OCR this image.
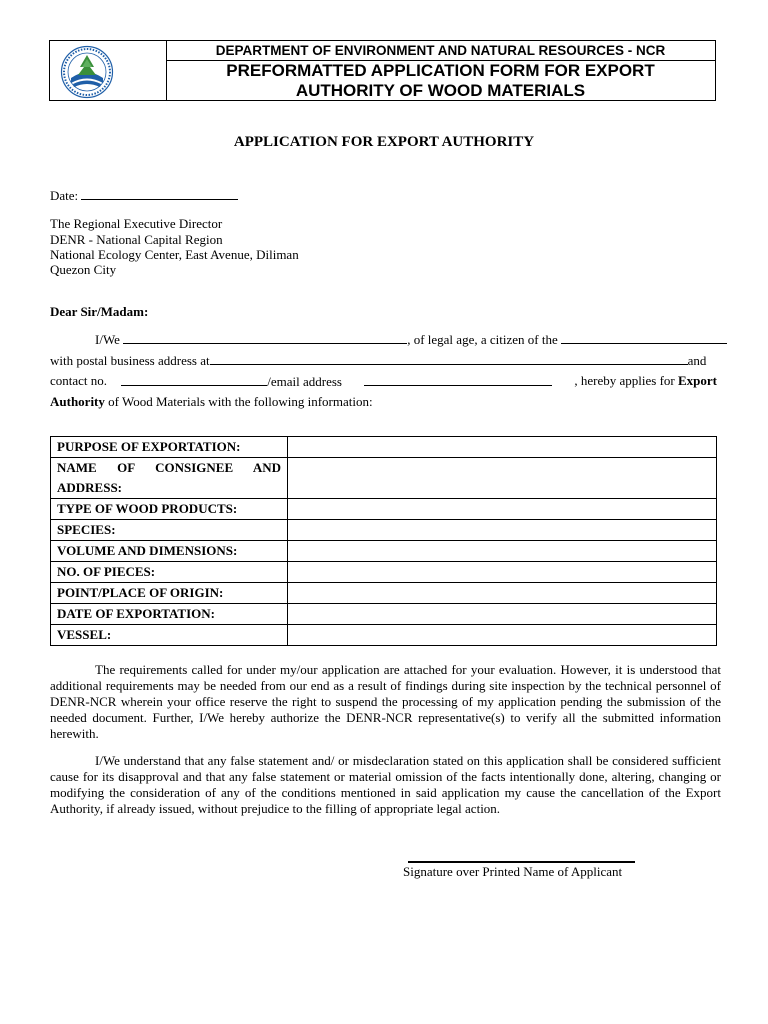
DEPARTMENT OF ENVIRONMENT AND NATURAL RESOURCES - NCR
PREFORMATTED APPLICATION FORM FOR EXPORT
AUTHORITY OF WOOD MATERIALS
APPLICATION FOR EXPORT AUTHORITY
Date:
The Regional Executive Director
DENR - National Capital Region
National Ecology Center, East Avenue, Diliman
Quezon City
Dear Sir/Madam:
I/We	, of legal age, a citizen of the
with postal business address at	and
contact no.	/email address	, hereby applies for Export
Authority of Wood Materials with the following information:
PURPOSE OF EXPORTATION:	

NAME OF CONSIGNEE AND
ADDRESS:	

TYPE OF WOOD PRODUCTS:	
SPECIES:	
VOLUME AND DIMENSIONS:	
NO. OF PIECES:	
POINT/PLACE OF ORIGIN:	
DATE OF EXPORTATION:	
VESSEL:	
The requirements called for under my/our application are attached for your evaluation. However, it is understood that additional requirements may be needed from our end as a result of findings during site inspection by the technical personnel of DENR-NCR wherein your office reserve the right to suspend the processing of my application pending the submission of the needed document. Further, I/We hereby authorize the DENR-NCR representative(s) to verify all the submitted information herewith.
I/We understand that any false statement and/ or misdeclaration stated on this application shall be considered sufficient cause for its disapproval and that any false statement or material omission of the facts intentionally done, altering, changing or modifying the consideration of any of the conditions mentioned in said application my cause the cancellation of the Export Authority, if already issued, without prejudice to the filling of appropriate legal action.
Signature over Printed Name of Applicant
